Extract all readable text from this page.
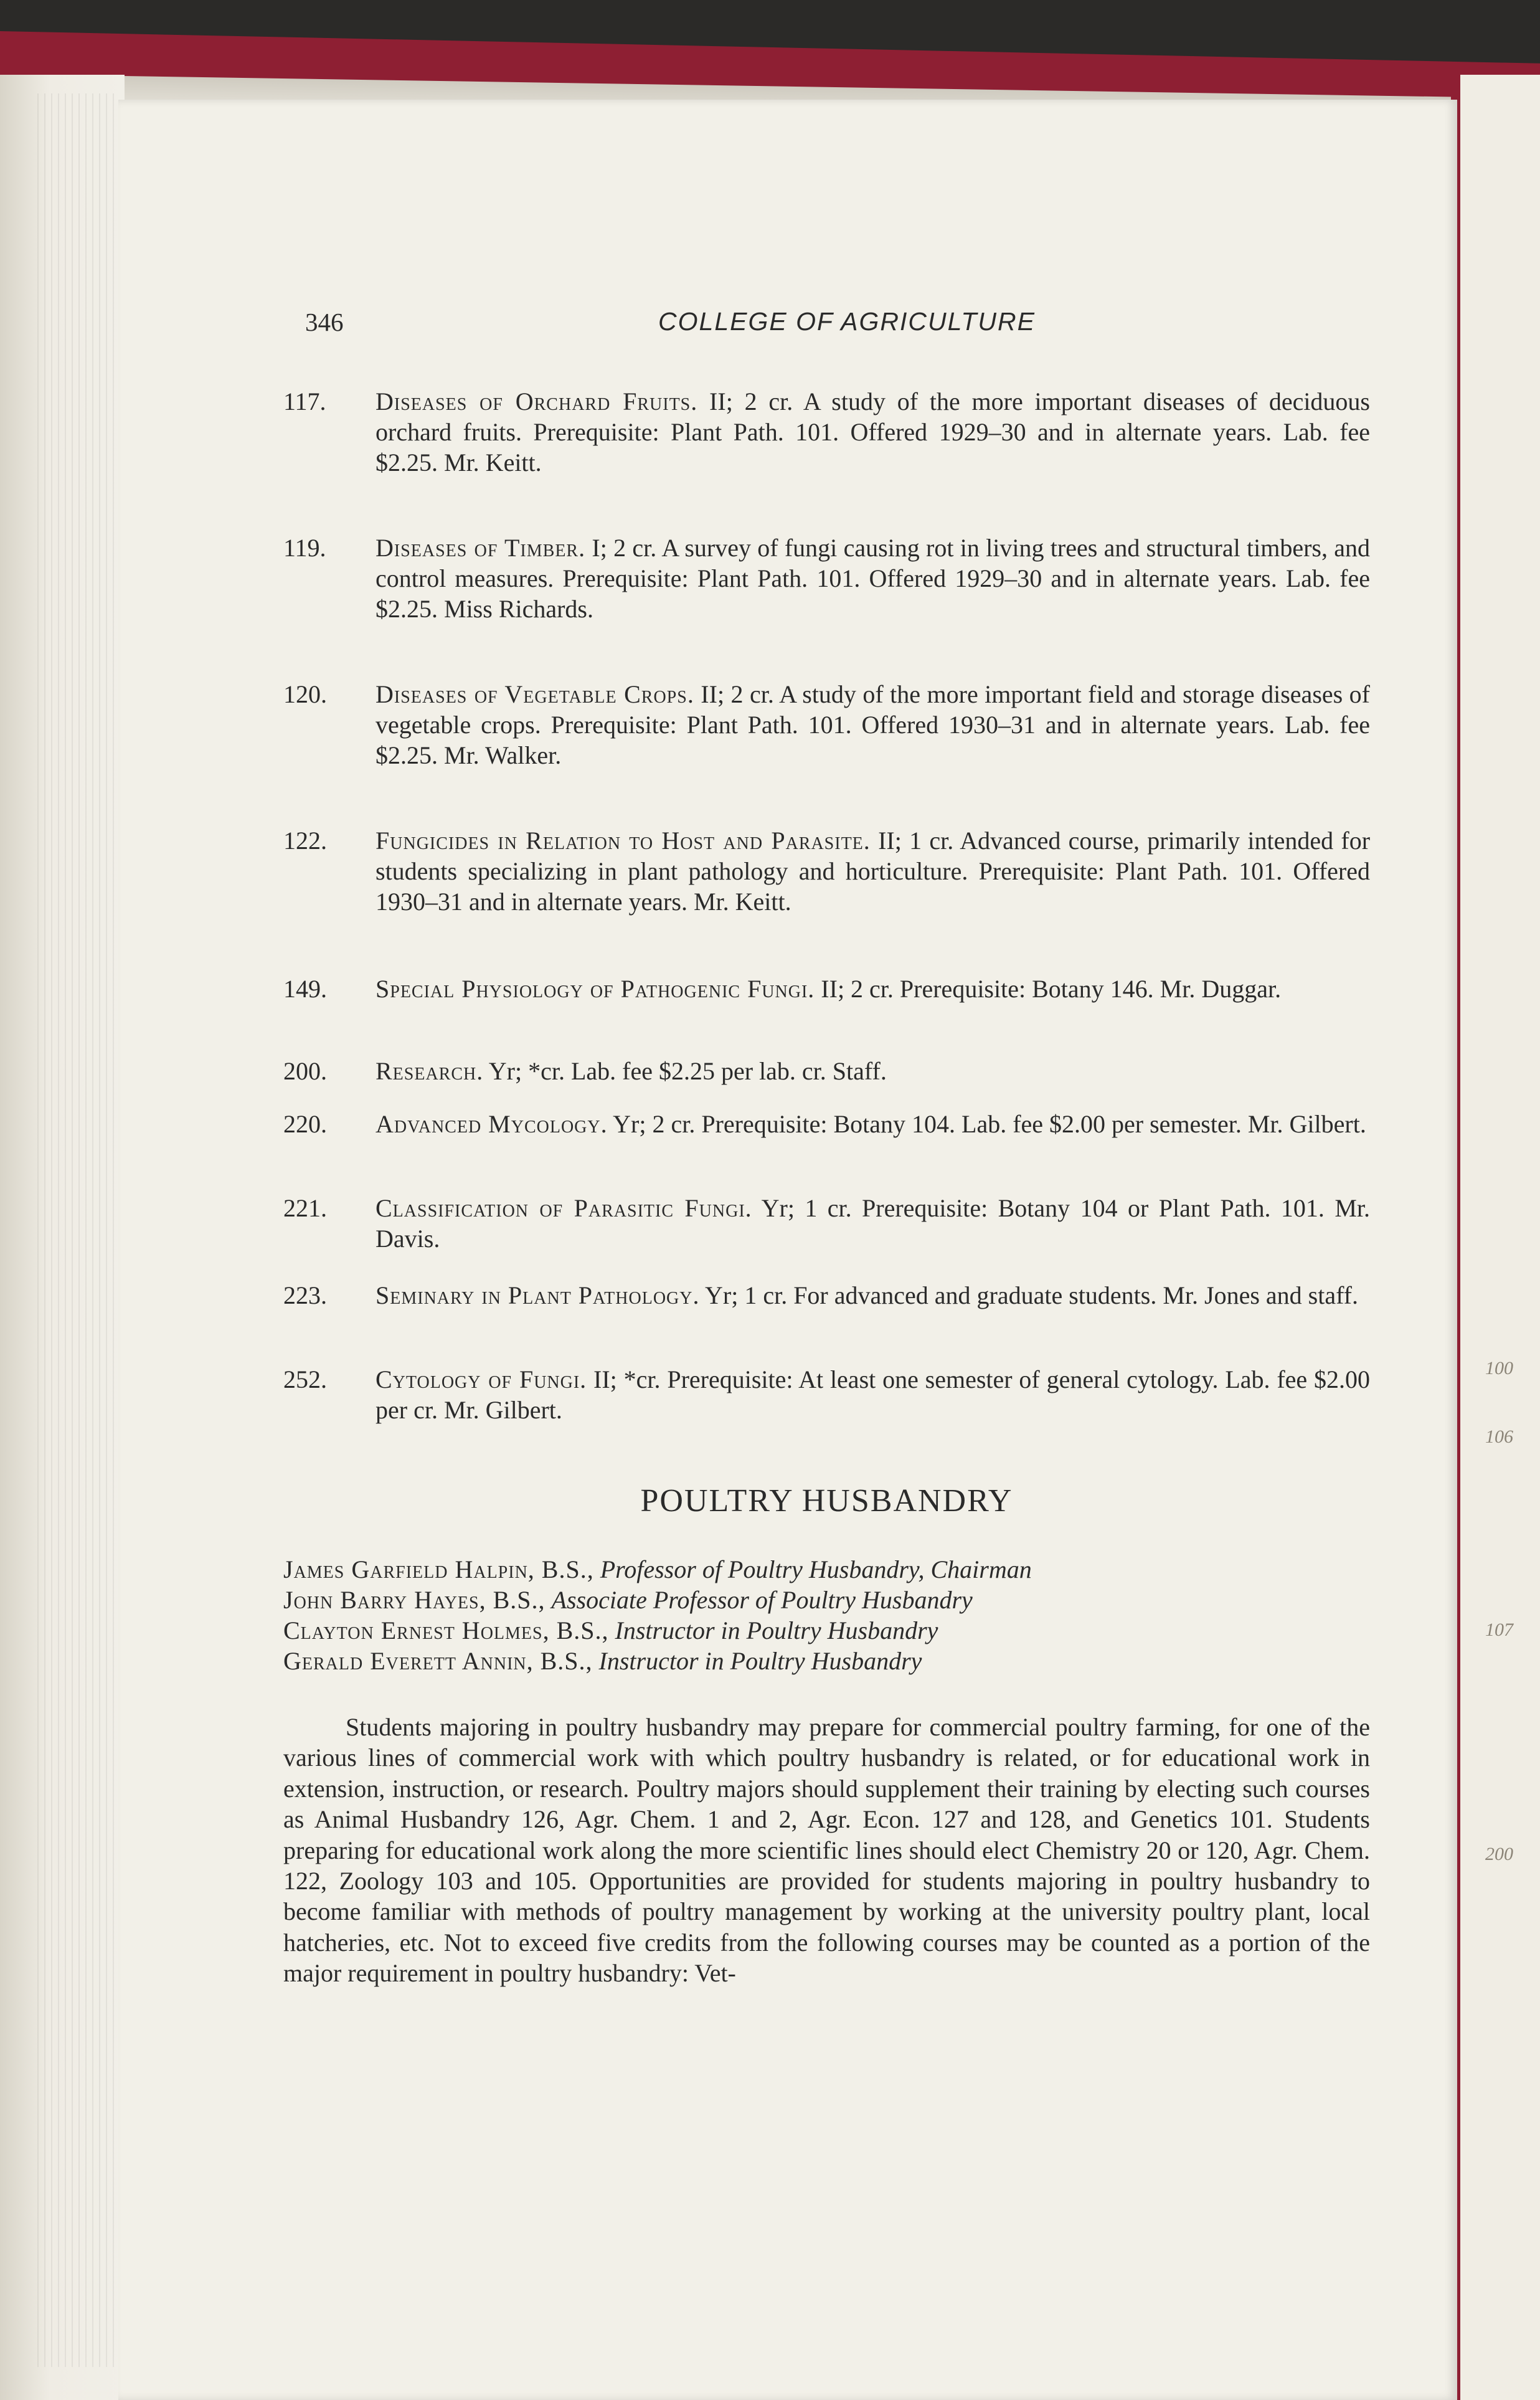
100
106
107
200
346	COLLEGE OF AGRICULTURE
117.	Diseases of Orchard Fruits. II; 2 cr. A study of the more important diseases of deciduous orchard fruits. Prerequisite: Plant Path. 101. Offered 1929–30 and in alternate years. Lab. fee $2.25. Mr. Keitt.
119.	Diseases of Timber. I; 2 cr. A survey of fungi causing rot in living trees and structural timbers, and control measures. Prerequisite: Plant Path. 101. Offered 1929–30 and in alternate years. Lab. fee $2.25. Miss Richards.
120.	Diseases of Vegetable Crops. II; 2 cr. A study of the more important field and storage diseases of vegetable crops. Prerequisite: Plant Path. 101. Offered 1930–31 and in alternate years. Lab. fee $2.25. Mr. Walker.
122.	Fungicides in Relation to Host and Parasite. II; 1 cr. Advanced course, primarily intended for students specializing in plant pathology and horticulture. Prerequisite: Plant Path. 101. Offered 1930–31 and in alternate years. Mr. Keitt.
149.	Special Physiology of Pathogenic Fungi. II; 2 cr. Prerequisite: Botany 146. Mr. Duggar.
200.	Research. Yr; *cr. Lab. fee $2.25 per lab. cr. Staff.
220.	Advanced Mycology. Yr; 2 cr. Prerequisite: Botany 104. Lab. fee $2.00 per semester. Mr. Gilbert.
221.	Classification of Parasitic Fungi. Yr; 1 cr. Prerequisite: Botany 104 or Plant Path. 101. Mr. Davis.
223.	Seminary in Plant Pathology. Yr; 1 cr. For advanced and graduate students. Mr. Jones and staff.
252.	Cytology of Fungi. II; *cr. Prerequisite: At least one semester of general cytology. Lab. fee $2.00 per cr. Mr. Gilbert.
POULTRY HUSBANDRY
James Garfield Halpin, B.S., Professor of Poultry Husbandry, Chairman
John Barry Hayes, B.S., Associate Professor of Poultry Husbandry
Clayton Ernest Holmes, B.S., Instructor in Poultry Husbandry
Gerald Everett Annin, B.S., Instructor in Poultry Husbandry
Students majoring in poultry husbandry may prepare for commercial poultry farming, for one of the various lines of commercial work with which poultry husbandry is related, or for educational work in extension, instruction, or research. Poultry majors should supplement their training by electing such courses as Animal Husbandry 126, Agr. Chem. 1 and 2, Agr. Econ. 127 and 128, and Genetics 101. Students preparing for educational work along the more scientific lines should elect Chemistry 20 or 120, Agr. Chem. 122, Zoology 103 and 105. Opportunities are provided for students majoring in poultry husbandry to become familiar with methods of poultry management by working at the university poultry plant, local hatcheries, etc. Not to exceed five credits from the following courses may be counted as a portion of the major requirement in poultry husbandry: Vet-
